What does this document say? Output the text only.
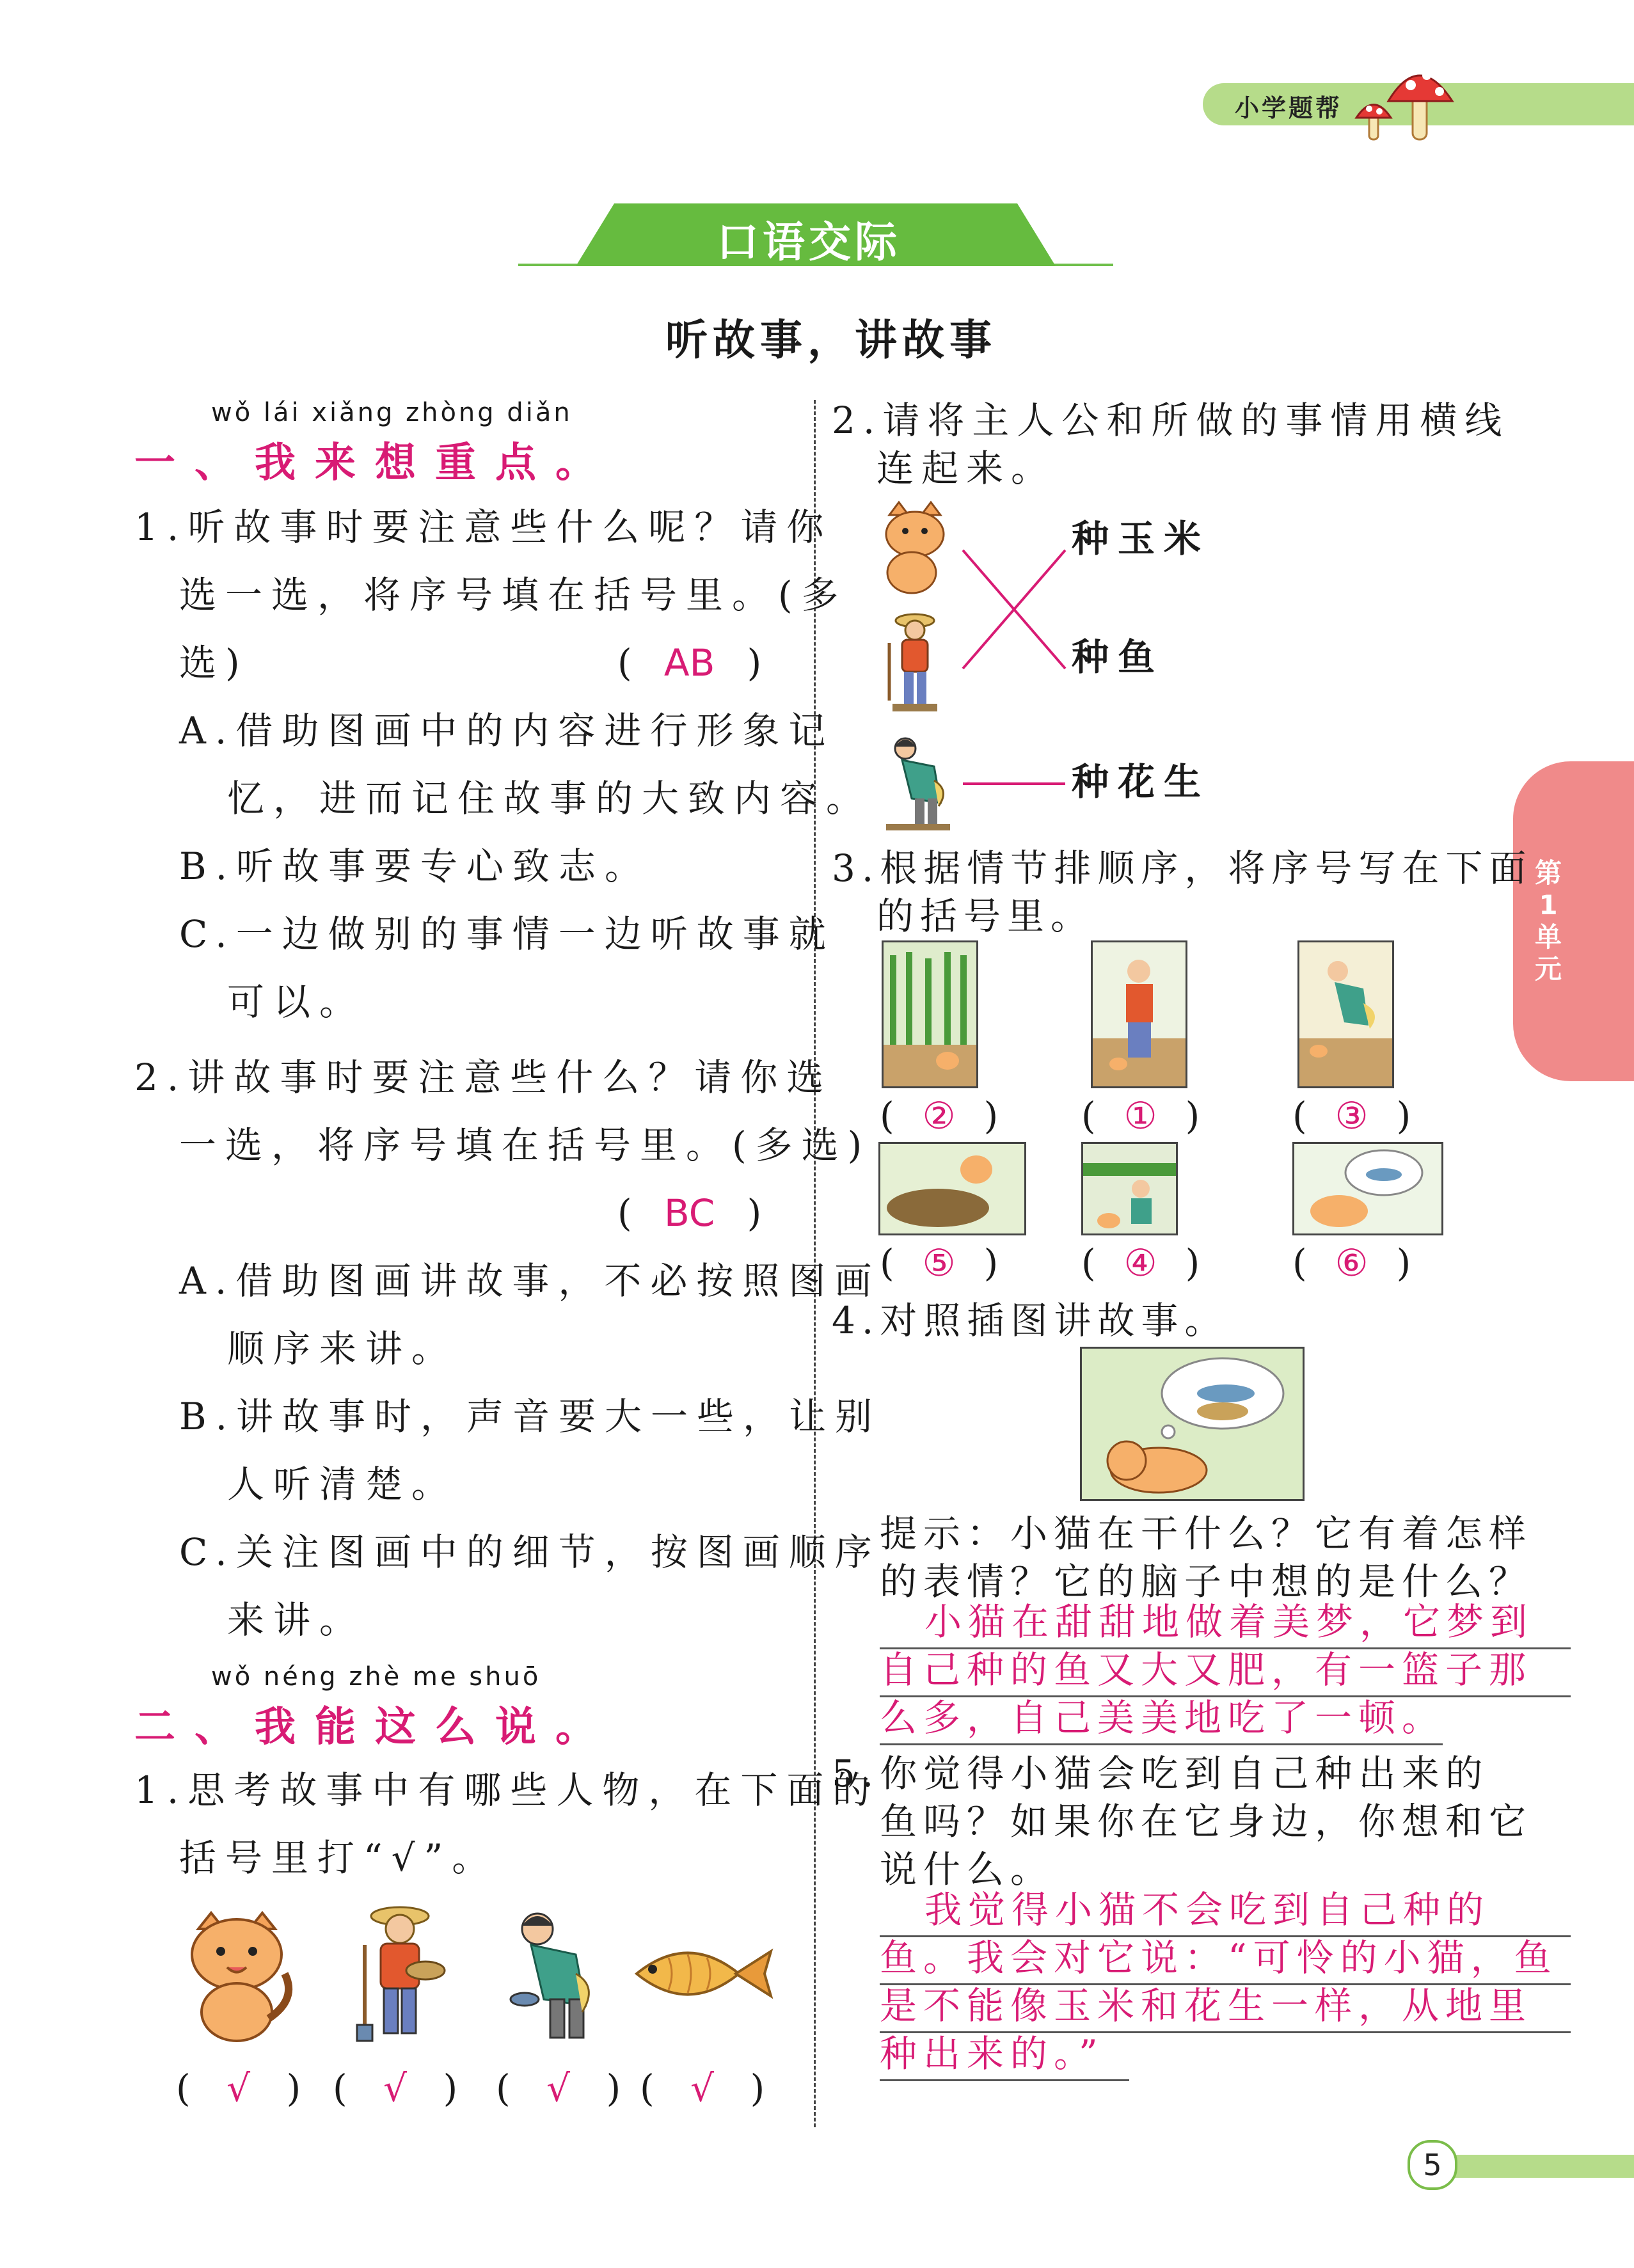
小学题帮
第
1
单
元
口语交际
听故事，讲故事
wǒ lái xiǎng zhòng diǎn
一、我来想重点。
1.听故事时要注意些什么呢？请你
选一选，将序号填在括号里。(多
选)	( AB )
A.借助图画中的内容进行形象记
忆，进而记住故事的大致内容。
B.听故事要专心致志。
C.一边做别的事情一边听故事就
可以。
2.讲故事时要注意些什么？请你选
一选，将序号填在括号里。(多选)
( BC )
A.借助图画讲故事，不必按照图画
顺序来讲。
B.讲故事时，声音要大一些，让别
人听清楚。
C.关注图画中的细节，按图画顺序
来讲。
wǒ néng zhè me shuō
二、我能这么说。
1.思考故事中有哪些人物，在下面的
括号里打“√”。
( √ ) ( √ ) ( √ ) ( √ )
2.请将主人公和所做的事情用横线
连起来。
种玉米
种鱼
种花生
3.根据情节排顺序，将序号写在下面
的括号里。
( ② ) ( ① ) ( ③ )
( ⑤ ) ( ④ ) ( ⑥ )
4.对照插图讲故事。
提示：小猫在干什么？它有着怎样
的表情？它的脑子中想的是什么？
小猫在甜甜地做着美梦，它梦到
自己种的鱼又大又肥，有一篮子那
么多，自己美美地吃了一顿。
5.你觉得小猫会吃到自己种出来的
鱼吗？如果你在它身边，你想和它
说什么。
我觉得小猫不会吃到自己种的
鱼。我会对它说：“可怜的小猫，鱼
是不能像玉米和花生一样，从地里
种出来的。”
5
